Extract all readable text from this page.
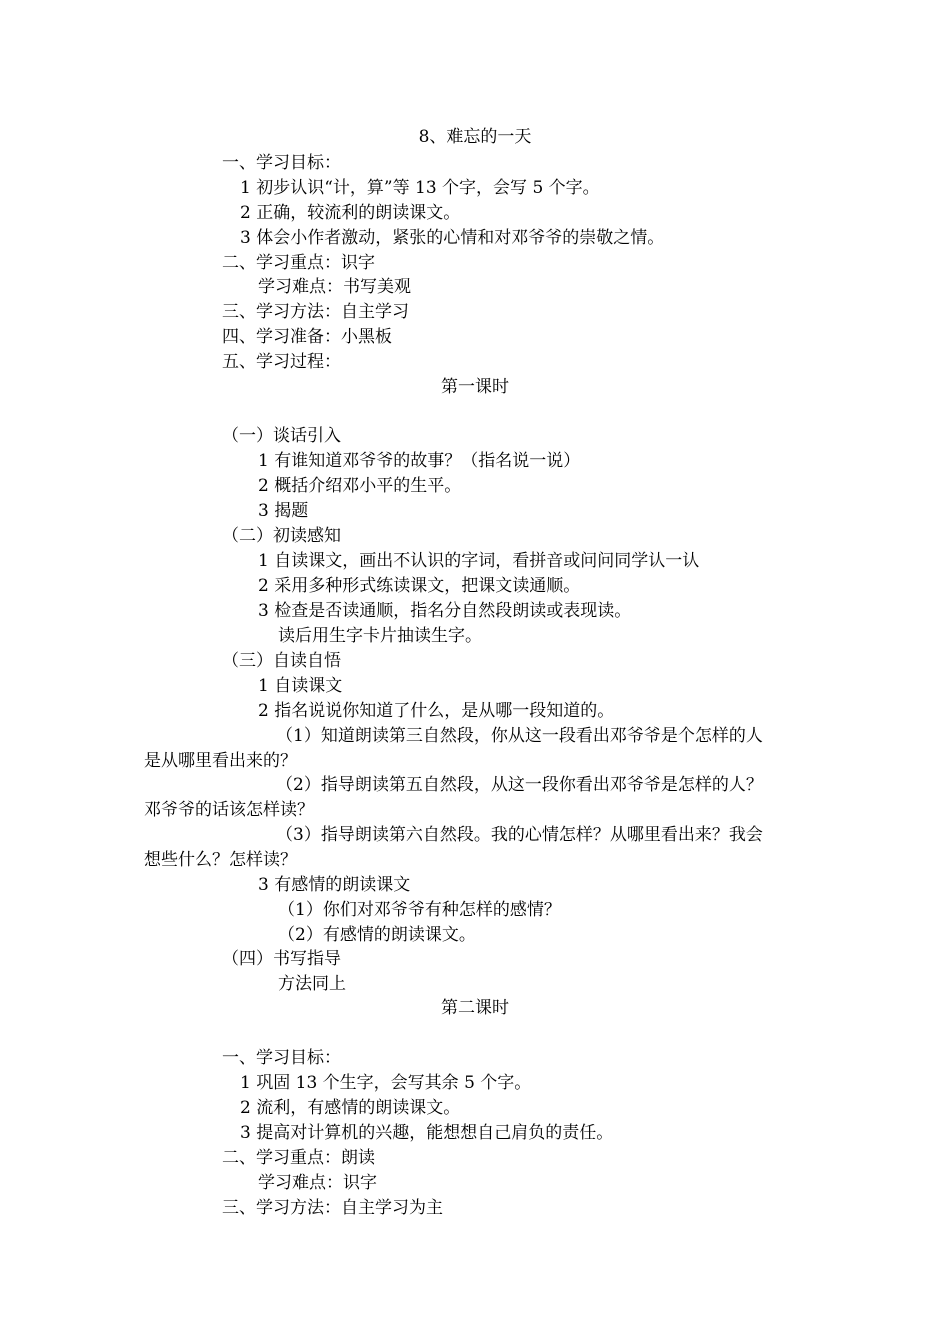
8、难忘的一天
一、学习目标：
1 初步认识“计，算”等 13 个字，会写 5 个字。
2 正确，较流利的朗读课文。
3 体会小作者激动，紧张的心情和对邓爷爷的崇敬之情。
二、学习重点：识字
学习难点：书写美观
三、学习方法：自主学习
四、学习准备：小黑板
五、学习过程：
第一课时
（一）谈话引入
1 有谁知道邓爷爷的故事？（指名说一说）
2 概括介绍邓小平的生平。
3 揭题
（二）初读感知
1 自读课文，画出不认识的字词，看拼音或问问同学认一认
2 采用多种形式练读课文，把课文读通顺。
3 检查是否读通顺，指名分自然段朗读或表现读。
读后用生字卡片抽读生字。
（三）自读自悟
1 自读课文
2 指名说说你知道了什么，是从哪一段知道的。
（1）知道朗读第三自然段，你从这一段看出邓爷爷是个怎样的人
是从哪里看出来的？
（2）指导朗读第五自然段，从这一段你看出邓爷爷是怎样的人？
邓爷爷的话该怎样读？
（3）指导朗读第六自然段。我的心情怎样？从哪里看出来？我会
想些什么？怎样读？
3 有感情的朗读课文
（1）你们对邓爷爷有种怎样的感情？
（2）有感情的朗读课文。
（四）书写指导
方法同上
第二课时
一、学习目标：
1 巩固 13 个生字，会写其余 5 个字。
2 流利，有感情的朗读课文。
3 提高对计算机的兴趣，能想想自己肩负的责任。
二、学习重点：朗读
学习难点：识字
三、学习方法：自主学习为主
